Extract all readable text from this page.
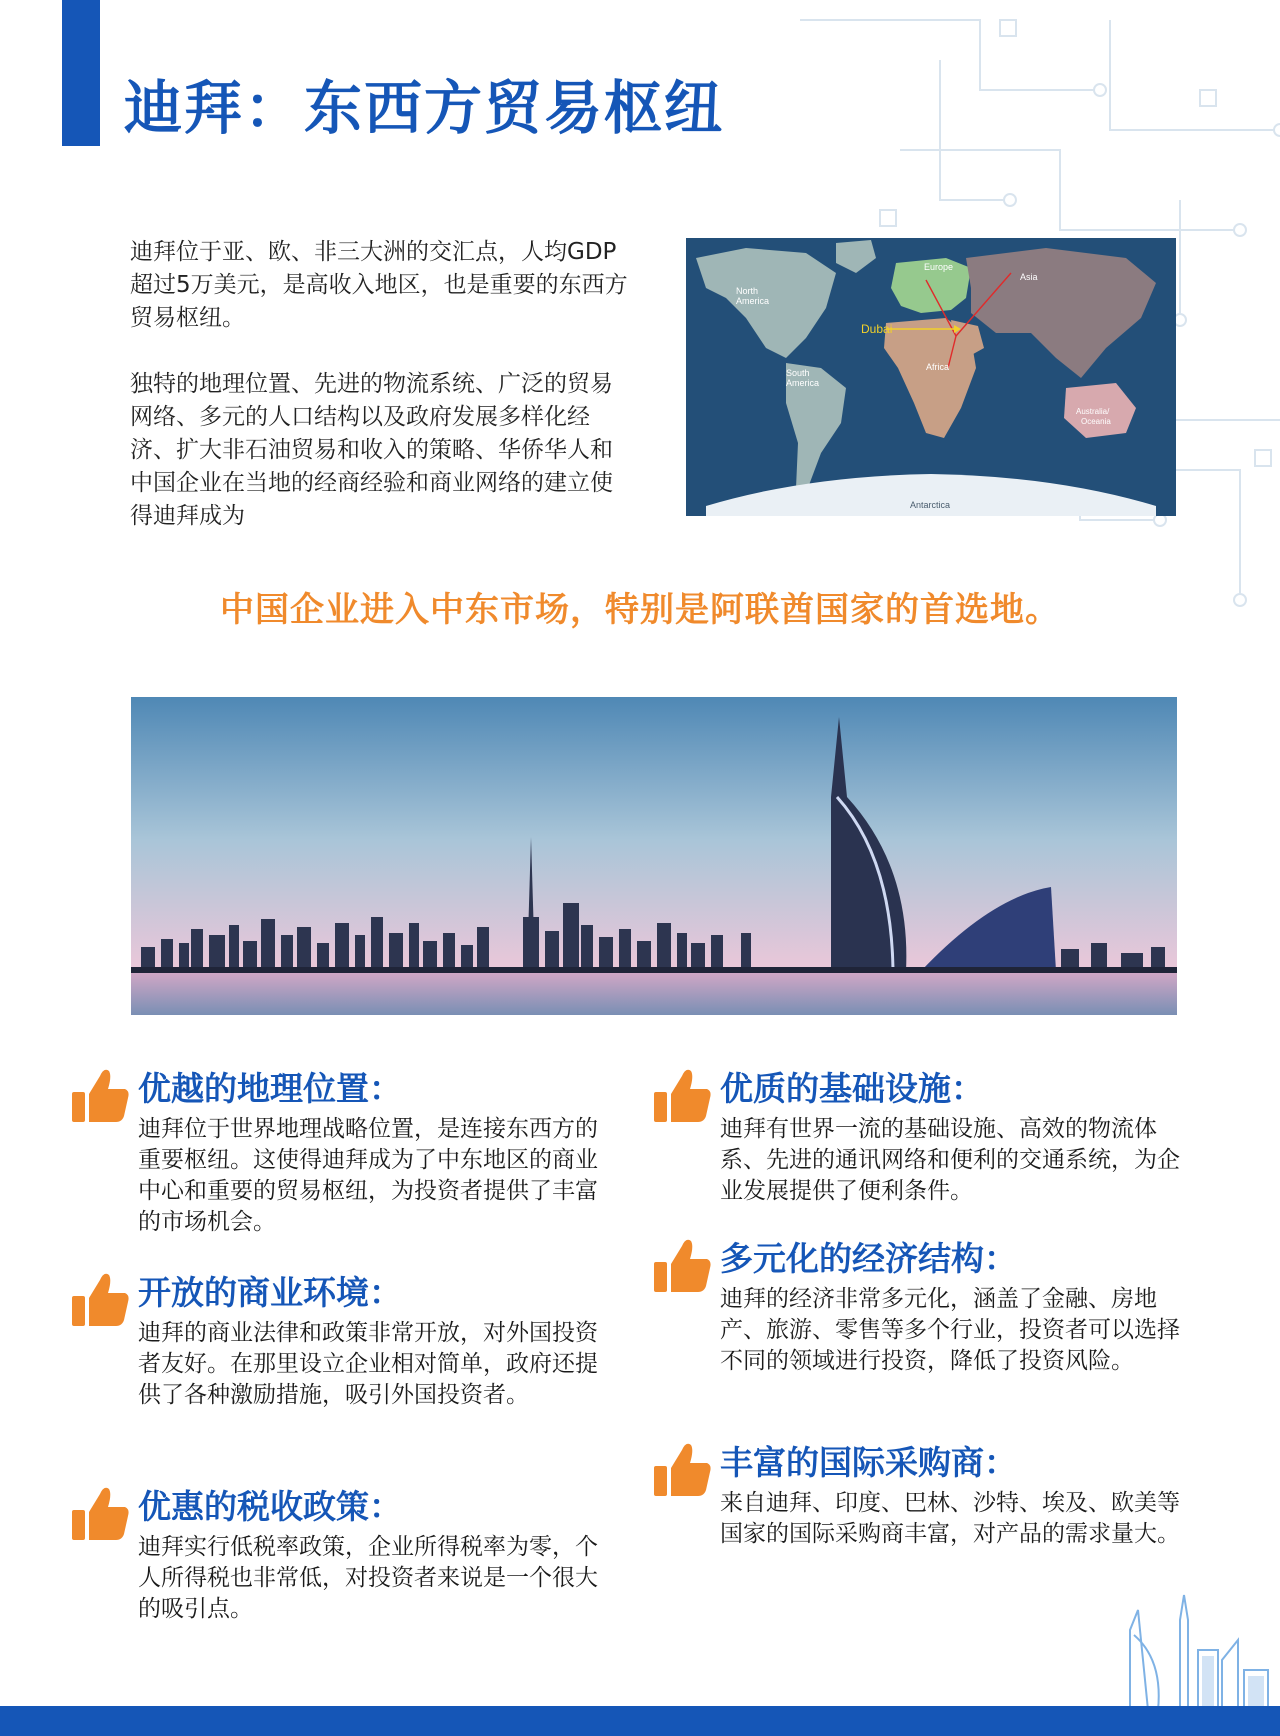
迪拜：东西方贸易枢纽

迪拜位于亚、欧、非三大洲的交汇点，人均GDP超过5万美元，是高收入地区，也是重要的东西方贸易枢纽。

独特的地理位置、先进的物流系统、广泛的贸易网络、多元的人口结构以及政府发展多样化经济、扩大非石油贸易和收入的策略、华侨华人和中国企业在当地的经商经验和商业网络的建立使得迪拜成为

North
America
South
America
Europe
Asia
Africa
Australia/
Oceania
Dubai
Antarctica

中国企业进入中东市场，特别是阿联酋国家的首选地。

优越的地理位置：

迪拜位于世界地理战略位置，是连接东西方的重要枢纽。这使得迪拜成为了中东地区的商业中心和重要的贸易枢纽，为投资者提供了丰富的市场机会。

开放的商业环境：

迪拜的商业法律和政策非常开放，对外国投资者友好。在那里设立企业相对简单，政府还提供了各种激励措施，吸引外国投资者。

优惠的税收政策：

迪拜实行低税率政策，企业所得税率为零，个人所得税也非常低，对投资者来说是一个很大的吸引点。

优质的基础设施：

迪拜有世界一流的基础设施、高效的物流体系、先进的通讯网络和便利的交通系统，为企业发展提供了便利条件。

多元化的经济结构：

迪拜的经济非常多元化，涵盖了金融、房地产、旅游、零售等多个行业，投资者可以选择不同的领域进行投资，降低了投资风险。

丰富的国际采购商：

来自迪拜、印度、巴林、沙特、埃及、欧美等国家的国际采购商丰富，对产品的需求量大。
